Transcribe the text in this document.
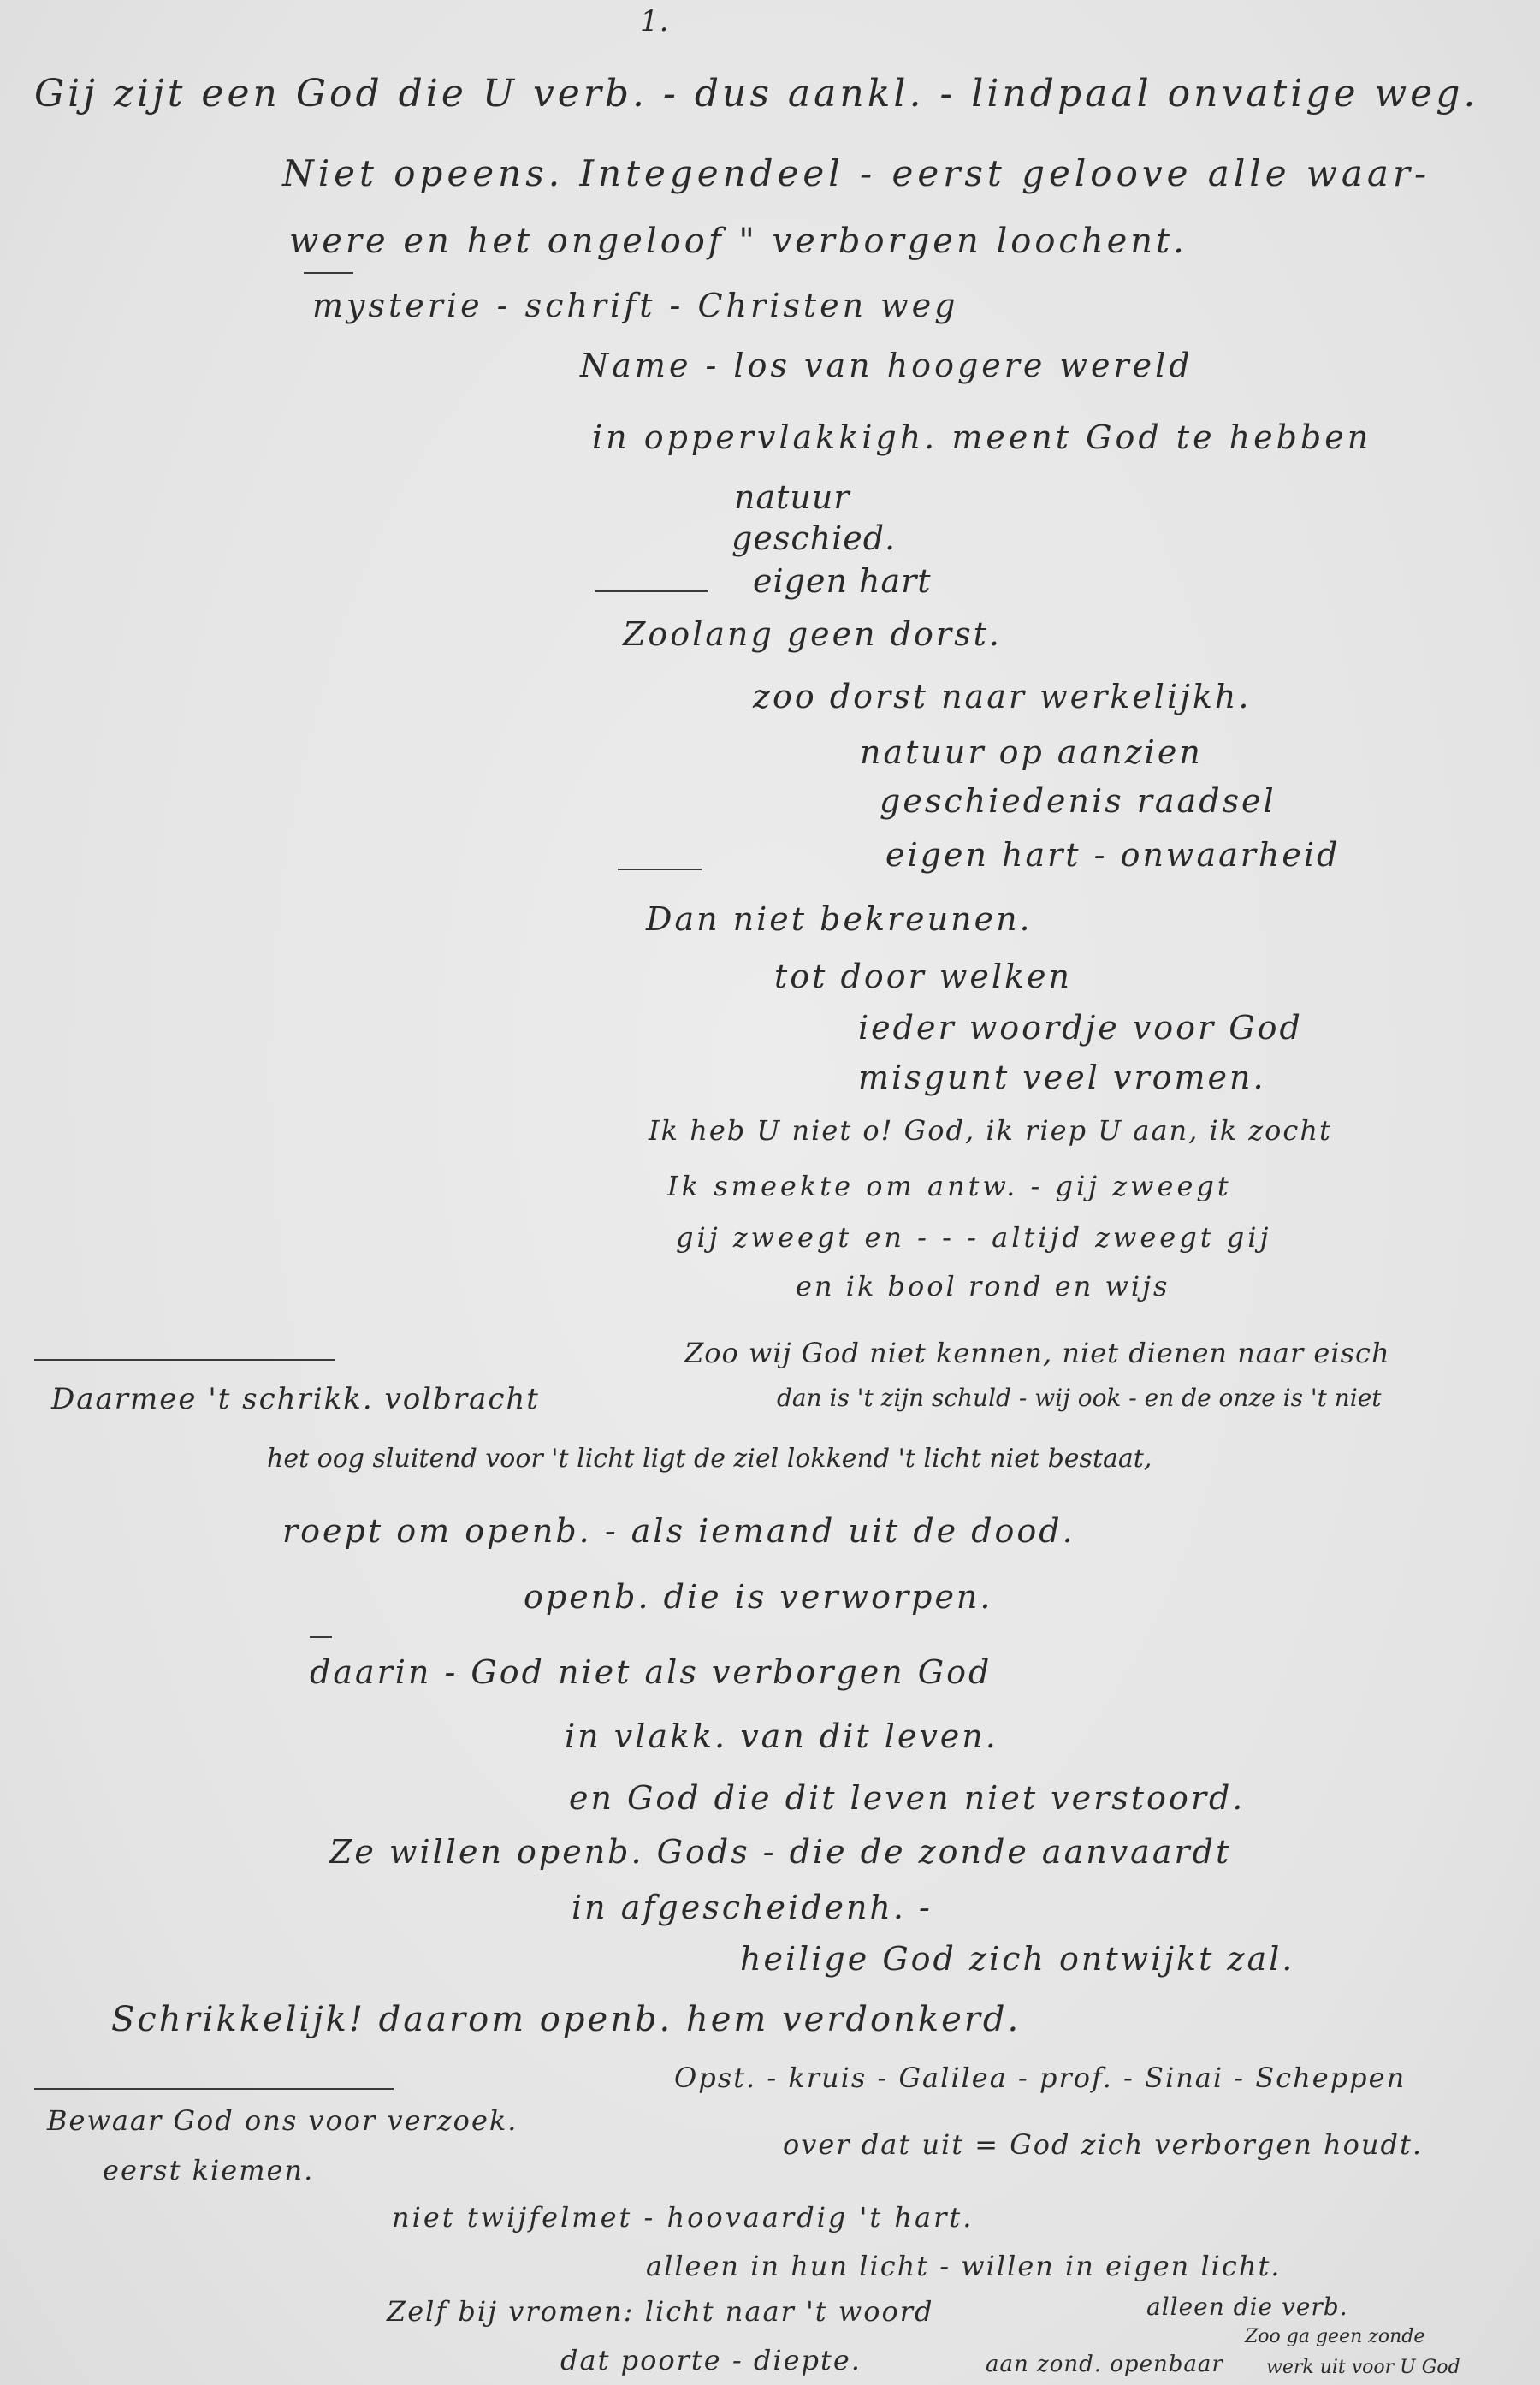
1.
Gij zijt een God die U verb. - dus aankl. - lindpaal onvatige weg.
Niet opeens. Integendeel - eerst geloove alle waar-
were en het ongeloof " verborgen loochent.
mysterie - schrift - Christen weg
Name - los van hoogere wereld
in oppervlakkigh. meent God te hebben
natuur
geschied.
eigen hart
Zoolang geen dorst.
zoo dorst naar werkelijkh.
natuur op aanzien
geschiedenis raadsel
eigen hart - onwaarheid
Dan niet bekreunen.
tot door welken
ieder woordje voor God
misgunt veel vromen.
Ik heb U niet o! God, ik riep U aan, ik zocht
Ik smeekte om antw. - gij zweegt
gij zweegt en - - - altijd zweegt gij
en ik bool rond en wijs
Zoo wij God niet kennen, niet dienen naar eisch
dan is 't zijn schuld - wij ook - en de onze is 't niet
Daarmee 't schrikk. volbracht
het oog sluitend voor 't licht ligt de ziel lokkend 't licht niet bestaat,
roept om openb. - als iemand uit de dood.
openb. die is verworpen.
daarin - God niet als verborgen God
in vlakk. van dit leven.
en God die dit leven niet verstoord.
Ze willen openb. Gods - die de zonde aanvaardt
in afgescheidenh. -
heilige God zich ontwijkt zal.
Schrikkelijk! daarom openb. hem verdonkerd.
Opst. - kruis - Galilea - prof. - Sinai - Scheppen
over dat uit = God zich verborgen houdt.
Bewaar God ons voor verzoek.
eerst kiemen.
niet twijfelmet - hoovaardig 't hart.
alleen in hun licht - willen in eigen licht.
Zelf bij vromen: licht naar 't woord
dat poorte - diepte.	aan zond. openbaar
alleen die verb.
Zoo ga geen zonde
werk uit voor U God
